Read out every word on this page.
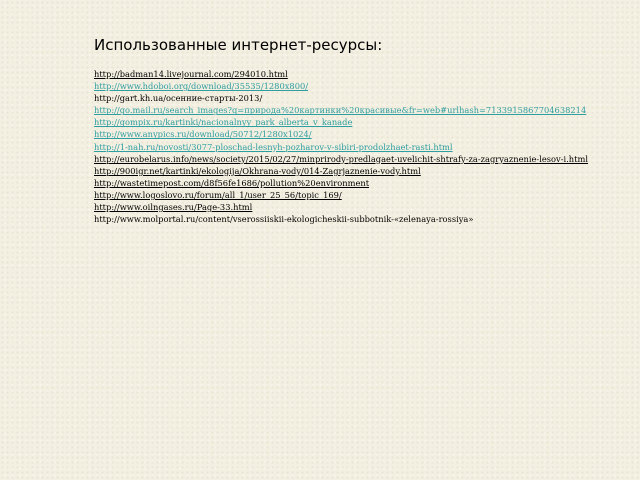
Использованные интернет-ресурсы:
http://badman14.livejournal.com/294010.html
http://www.hdoboi.org/download/35535/1280x800/
http://gart.kh.ua/осенние-старты-2013/
http://go.mail.ru/search_images?q=природа%20картинки%20красивые&fr=web#urlhash=7133915867704638214
http://gompix.ru/kartinki/nacionalnyy_park_alberta_v_kanade
http://www.anypics.ru/download/50712/1280x1024/
http://1-nah.ru/novosti/3077-ploschad-lesnyh-pozharov-v-sibiri-prodolzhaet-rasti.html
http://eurobelarus.info/news/society/2015/02/27/minprirody-predlagaet-uvelichit-shtrafy-za-zagryaznenie-lesov-i.html
http://900igr.net/kartinki/ekologija/Okhrana-vody/014-Zagrjaznenie-vody.html
http://wastetimepost.com/d8f56fe1686/pollution%20environment
http://www.logoslovo.ru/forum/all_1/user_25_56/topic_169/
http://www.oilngases.ru/Page-33.html
http://www.molportal.ru/content/vserossiiskii-ekologicheskii-subbotnik-«zelenaya-rossiya»
